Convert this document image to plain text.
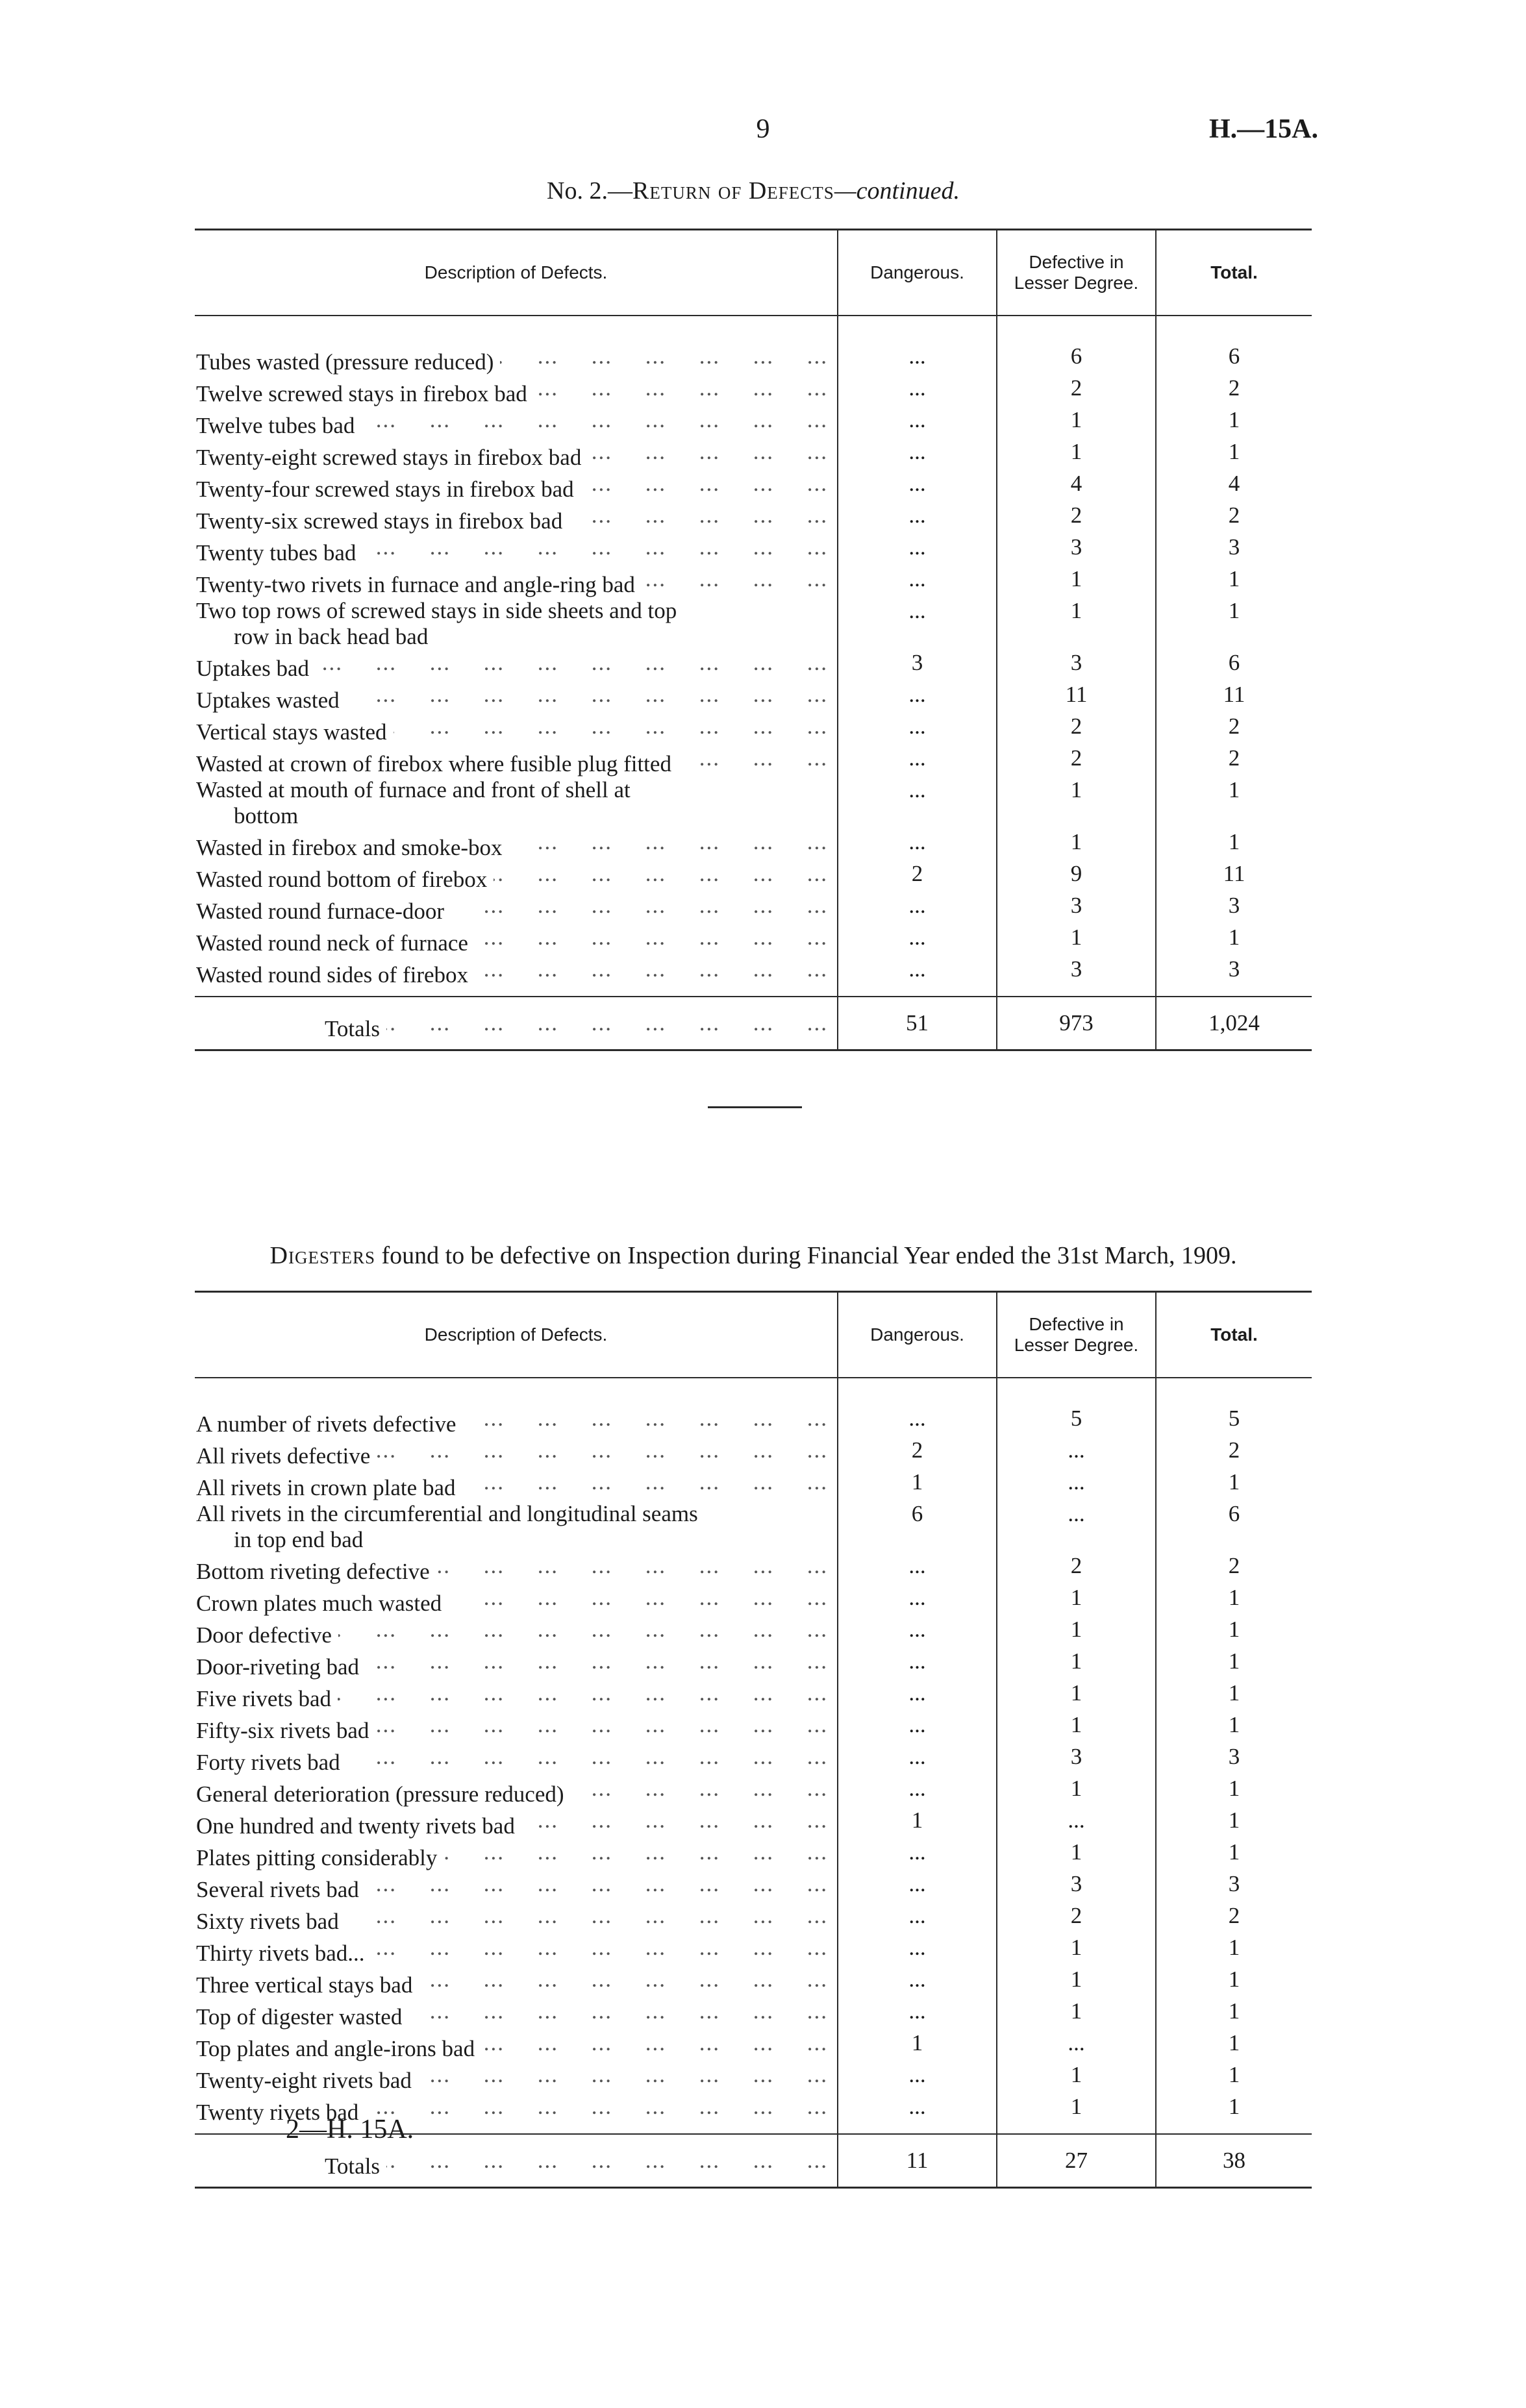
9	H.—15A.
No. 2.—Return of Defects—continued.
Description of Defects.	Dangerous.	Defective in Lesser Degree.	Total.

Tubes wasted (pressure reduced)
...	...	6	6

Twelve screwed stays in firebox bad
...	...	2	2

Twelve tubes bad
...	...	1	1

Twenty-eight screwed stays in firebox bad
...	...	1	1

Twenty-four screwed stays in firebox bad
...	...	4	4

Twenty-six screwed stays in firebox bad
...	...	2	2

Twenty tubes bad
...	...	3	3

Twenty-two rivets in furnace and angle-ring bad
...	...	1	1

Two top rows of screwed stays in side sheets and top
row in back head bad	...	1	1

Uptakes bad
...	3	3	6

Uptakes wasted
...	...	11	11

Vertical stays wasted
...	...	2	2

Wasted at crown of firebox where fusible plug fitted
...	...	2	2

Wasted at mouth of furnace and front of shell at
bottom	...	1	1

Wasted in firebox and smoke-box
...	...	1	1

Wasted round bottom of firebox
...	2	9	11

Wasted round furnace-door
...	...	3	3

Wasted round neck of furnace
...	...	1	1

Wasted round sides of firebox
...	...	3	3

Totals
...	51	973	1,024
Digesters found to be defective on Inspection during Financial Year ended the 31st March, 1909.
Description of Defects.	Dangerous.	Defective in Lesser Degree.	Total.

A number of rivets defective
...	...	5	5

All rivets defective
...	2	...	2

All rivets in crown plate bad
...	1	...	1

All rivets in the circumferential and longitudinal seams
in top end bad	6	...	6

Bottom riveting defective
...	...	2	2

Crown plates much wasted
...	...	1	1

Door defective
...	...	1	1

Door-riveting bad
...	...	1	1

Five rivets bad
...	...	1	1

Fifty-six rivets bad
...	...	1	1

Forty rivets bad
...	...	3	3

General deterioration (pressure reduced)
...	...	1	1

One hundred and twenty rivets bad
...	1	...	1

Plates pitting considerably
...	...	1	1

Several rivets bad
...	...	3	3

Sixty rivets bad
...	...	2	2

Thirty rivets bad...
...	...	1	1

Three vertical stays bad
...	...	1	1

Top of digester wasted
...	...	1	1

Top plates and angle-irons bad
...	1	...	1

Twenty-eight rivets bad
...	...	1	1

Twenty rivets bad
...	...	1	1

Totals
...	11	27	38
2—H. 15A.
